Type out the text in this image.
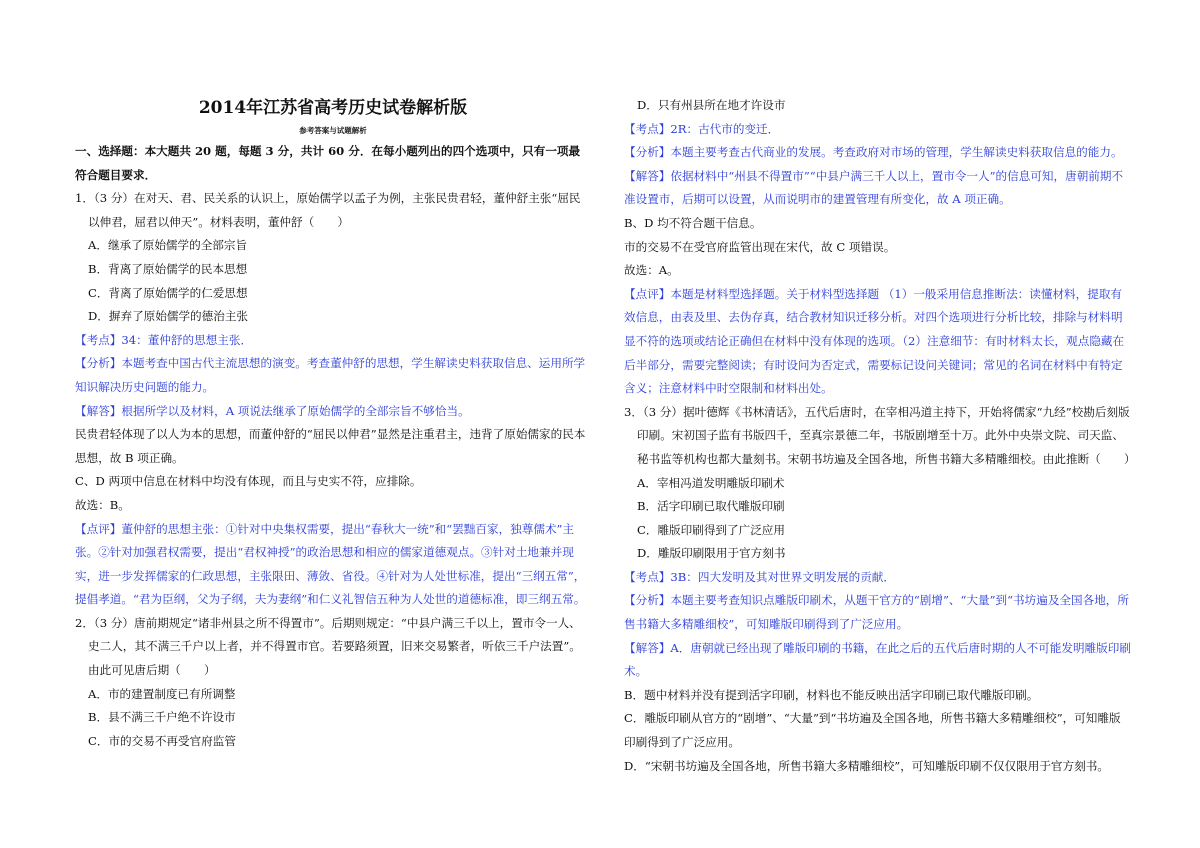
2014年江苏省高考历史试卷解析版
参考答案与试题解析

一、选择题：本大题共 20 题，每题 3 分，共计 60 分．在每小题列出的四个选项中，只有一项最符合题目要求．

1．（3 分）在对天、君、民关系的认识上，原始儒学以孟子为例，主张民贵君轻，董仲舒主张“屈民以伸君，屈君以伸天”。材料表明，董仲舒（　　）

A．继承了原始儒学的全部宗旨

B．背离了原始儒学的民本思想

C．背离了原始儒学的仁爱思想

D．摒弃了原始儒学的德治主张

【考点】34：董仲舒的思想主张．

【分析】本题考查中国古代主流思想的演变。考查董仲舒的思想，学生解读史料获取信息、运用所学知识解决历史问题的能力。

【解答】根据所学以及材料，A 项说法继承了原始儒学的全部宗旨不够恰当。

民贵君轻体现了以人为本的思想，而董仲舒的“屈民以伸君”显然是注重君主，违背了原始儒家的民本思想，故 B 项正确。

C、D 两项中信息在材料中均没有体现，而且与史实不符，应排除。

故选：B。

【点评】董仲舒的思想主张：①针对中央集权需要，提出“春秋大一统”和“罢黜百家，独尊儒术”主张。②针对加强君权需要，提出“君权神授”的政治思想和相应的儒家道德观点。③针对土地兼并现实，进一步发挥儒家的仁政思想，主张限田、薄敛、省役。④针对为人处世标准，提出“三纲五常”，提倡孝道。“君为臣纲，父为子纲，夫为妻纲”和仁义礼智信五种为人处世的道德标准，即三纲五常。

2．（3 分）唐前期规定“诸非州县之所不得置市”。后期则规定：“中县户满三千以上，置市令一人、史二人，其不满三千户以上者，并不得置市官。若要路须置，旧来交易繁者，听依三千户法置”。由此可见唐后期（　　）

A．市的建置制度已有所调整

B．县不满三千户绝不许设市

C．市的交易不再受官府监管

D．只有州县所在地才许设市

【考点】2R：古代市的变迁．

【分析】本题主要考查古代商业的发展。考查政府对市场的管理，学生解读史料获取信息的能力。

【解答】依据材料中“州县不得置市”“中县户满三千人以上，置市令一人”的信息可知，唐朝前期不准设置市，后期可以设置，从而说明市的建置管理有所变化，故 A 项正确。

B、D 均不符合题干信息。

市的交易不在受官府监管出现在宋代，故 C 项错误。

故选：A。

【点评】本题是材料型选择题。关于材料型选择题 （1）一般采用信息推断法：读懂材料，提取有效信息，由表及里、去伪存真，结合教材知识迁移分析。对四个选项进行分析比较，排除与材料明显不符的选项或结论正确但在材料中没有体现的选项。（2）注意细节：有时材料太长，观点隐藏在后半部分，需要完整阅读；有时设问为否定式，需要标记设问关键词；常见的名词在材料中有特定含义；注意材料中时空限制和材料出处。

3．（3 分）据叶德辉《书林清话》，五代后唐时，在宰相冯道主持下，开始将儒家“九经”校勘后刻版印刷。宋初国子监有书版四千，至真宗景德二年，书版剧增至十万。此外中央崇文院、司天监、秘书监等机构也都大量刻书。宋朝书坊遍及全国各地，所售书籍大多精雕细校。由此推断（　　）

A．宰相冯道发明雕版印刷术

B．活字印刷已取代雕版印刷

C．雕版印刷得到了广泛应用

D．雕版印刷限用于官方刻书

【考点】3B：四大发明及其对世界文明发展的贡献．

【分析】本题主要考查知识点雕版印刷术，从题干官方的“剧增”、“大量”到“书坊遍及全国各地，所售书籍大多精雕细校”，可知雕版印刷得到了广泛应用。

【解答】A．唐朝就已经出现了雕版印刷的书籍，在此之后的五代后唐时期的人不可能发明雕版印刷术。

B．题中材料并没有提到活字印刷，材料也不能反映出活字印刷已取代雕版印刷。

C．雕版印刷从官方的“剧增”、“大量”到“书坊遍及全国各地，所售书籍大多精雕细校”，可知雕版印刷得到了广泛应用。

D．“宋朝书坊遍及全国各地，所售书籍大多精雕细校”，可知雕版印刷不仅仅限用于官方刻书。
